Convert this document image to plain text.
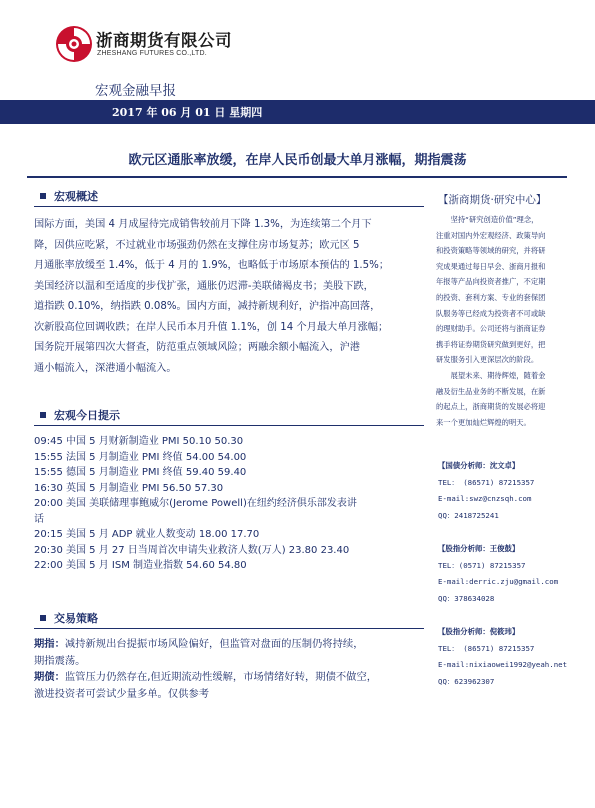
浙商期货有限公司
ZHESHANG FUTURES CO.,LTD.
宏观金融早报
2017 年 06 月 01 日 星期四
欧元区通胀率放缓，在岸人民币创最大单月涨幅，期指震荡
宏观概述
国际方面，美国 4 月成屋待完成销售较前月下降 1.3%，为连续第二个月下
降，因供应吃紧，不过就业市场强劲仍然在支撑住房市场复苏；欧元区 5
月通胀率放缓至 1.4%，低于 4 月的 1.9%，也略低于市场原本预估的 1.5%；
美国经济以温和至适度的步伐扩张，通胀仍迟滞-美联储褐皮书；美股下跌，
道指跌 0.10%，纳指跌 0.08%。国内方面，减持新规利好，沪指冲高回落，
次新股高位回调收跌；在岸人民币本月升值 1.1%，创 14 个月最大单月涨幅；
国务院开展第四次大督查，防范重点领域风险；两融余额小幅流入，沪港
通小幅流入，深港通小幅流入。
宏观今日提示
09:45 中国 5 月财新制造业 PMI 50.10 50.30
15:55 法国 5 月制造业 PMI 终值 54.00 54.00
15:55 德国 5 月制造业 PMI 终值 59.40 59.40
16:30 英国 5 月制造业 PMI 56.50 57.30
20:00 美国 美联储理事鲍威尔(Jerome Powell)在纽约经济俱乐部发表讲
话
20:15 美国 5 月 ADP 就业人数变动 18.00 17.70
20:30 美国 5 月 27 日当周首次申请失业救济人数(万人) 23.80 23.40
22:00 美国 5 月 ISM 制造业指数 54.60 54.80
交易策略
期指：减持新规出台提振市场风险偏好，但监管对盘面的压制仍将持续，
期指震荡。
期债：监管压力仍然存在,但近期流动性缓解，市场情绪好转，期债不做空，
激进投资者可尝试少量多单。仅供参考
【浙商期货·研究中心】
　　坚持“研究创造价值”理念，
注重对国内外宏观经济、政策导向
和投资策略等领域的研究，并将研
究成果通过每日早会、浙商月报和
年报等产品向投资者推广，不定期
的投资、套利方案、专业的套保团
队服务等已经成为投资者不可或缺
的理财助手。公司还将与浙商证券
携手将证券期货研究做到更好，把
研发服务引入更深层次的阶段。
　　展望未来、期待辉煌，随着金
融及衍生品业务的不断发展，在新
的起点上，浙商期货的发展必将迎
来一个更加灿烂辉煌的明天。
【国债分析师：沈文卓】
TEL： (86571) 87215357
E-mail:swz@cnzsqh.com
QQ：2418725241
【股指分析师：王俊鼓】
TEL：(0571) 87215357
E-mail:derric.zju@gmail.com
QQ：378634028
【股指分析师：倪筱玮】
TEL： (86571) 87215357
E-mail:nixiaowei1992@yeah.net
QQ：623962307
